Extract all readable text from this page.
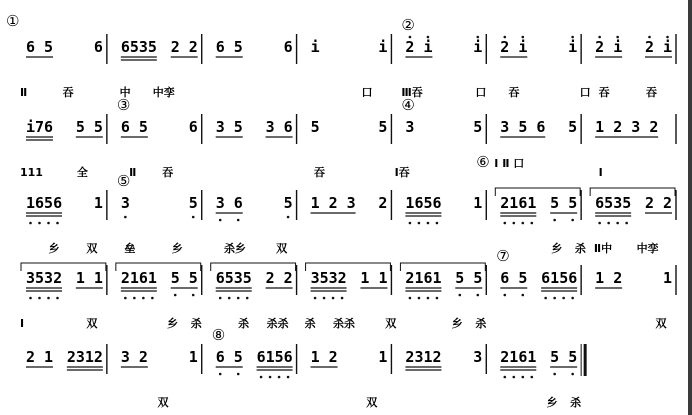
①
6 5	6 6535 2 2 6 5	6 i	i
②
2 i	i 2 i	i 2 i 2 i
Ⅱ	吞	中 中孪	口	Ⅲ吞	口 吞	口 吞	吞
i76 5 5
③
6 5	6 3 5 3 6 5	5
④
3	5 3 5 6 5 1 2 3 2
111	全	Ⅱ 吞	吞	Ⅰ吞
⑥ Ⅰ Ⅱ 口
Ⅰ
1656 1
⑤
3	5 3 6	5 1 2 3 2 1656 1 2161 5 5 6535 2 2
乡 双 垒	乡	杀乡	双	乡 杀 Ⅱ中 中孪
3532 1 1 2161 5 5 6535 2 2 3532 1 1 2161 5 5
⑦
6 5 6156 1 2	1
Ⅰ	双	乡 杀	杀 杀杀 杀 杀杀	双	乡 杀	双
2 1 2312 3 2	1
⑧
6 5 6156 1 2	1 2312 3 2161 5 5
双	双	乡 杀
